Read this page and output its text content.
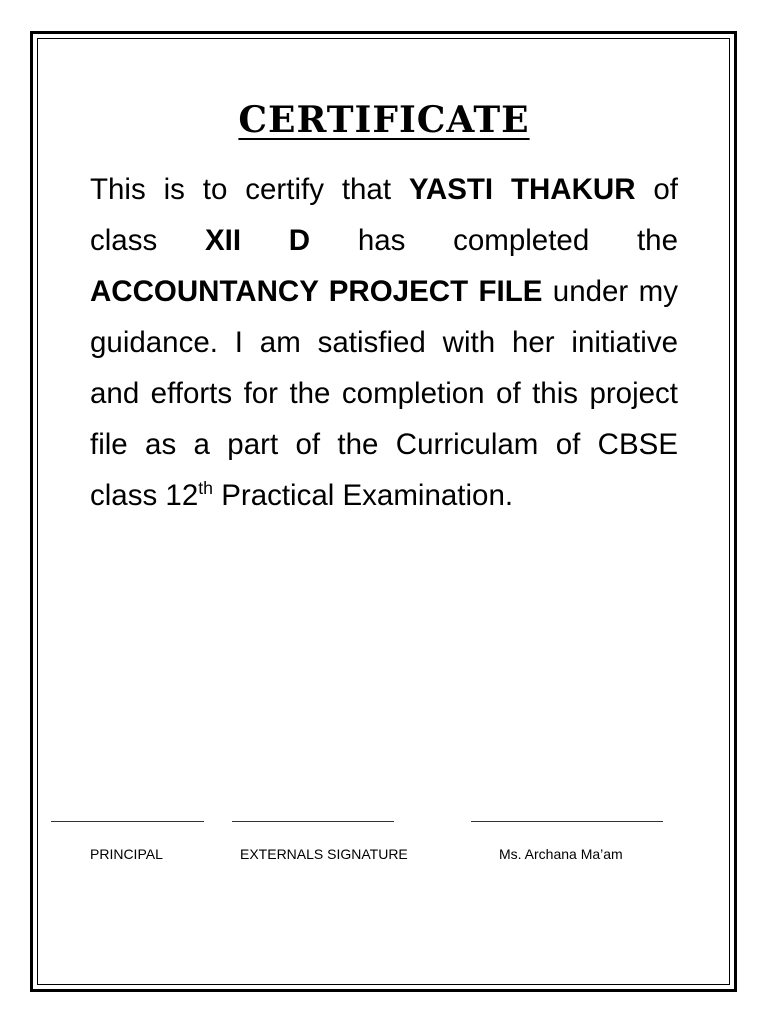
CERTIFICATE
This is to certify that YASTI THAKUR of class XII D has completed the ACCOUNTANCY PROJECT FILE under my guidance. I am satisfied with her initiative and efforts for the completion of this project file as a part of the Curriculam of CBSE class 12th Practical Examination.
PRINCIPAL	EXTERNALS SIGNATURE	Ms. Archana Ma’am
